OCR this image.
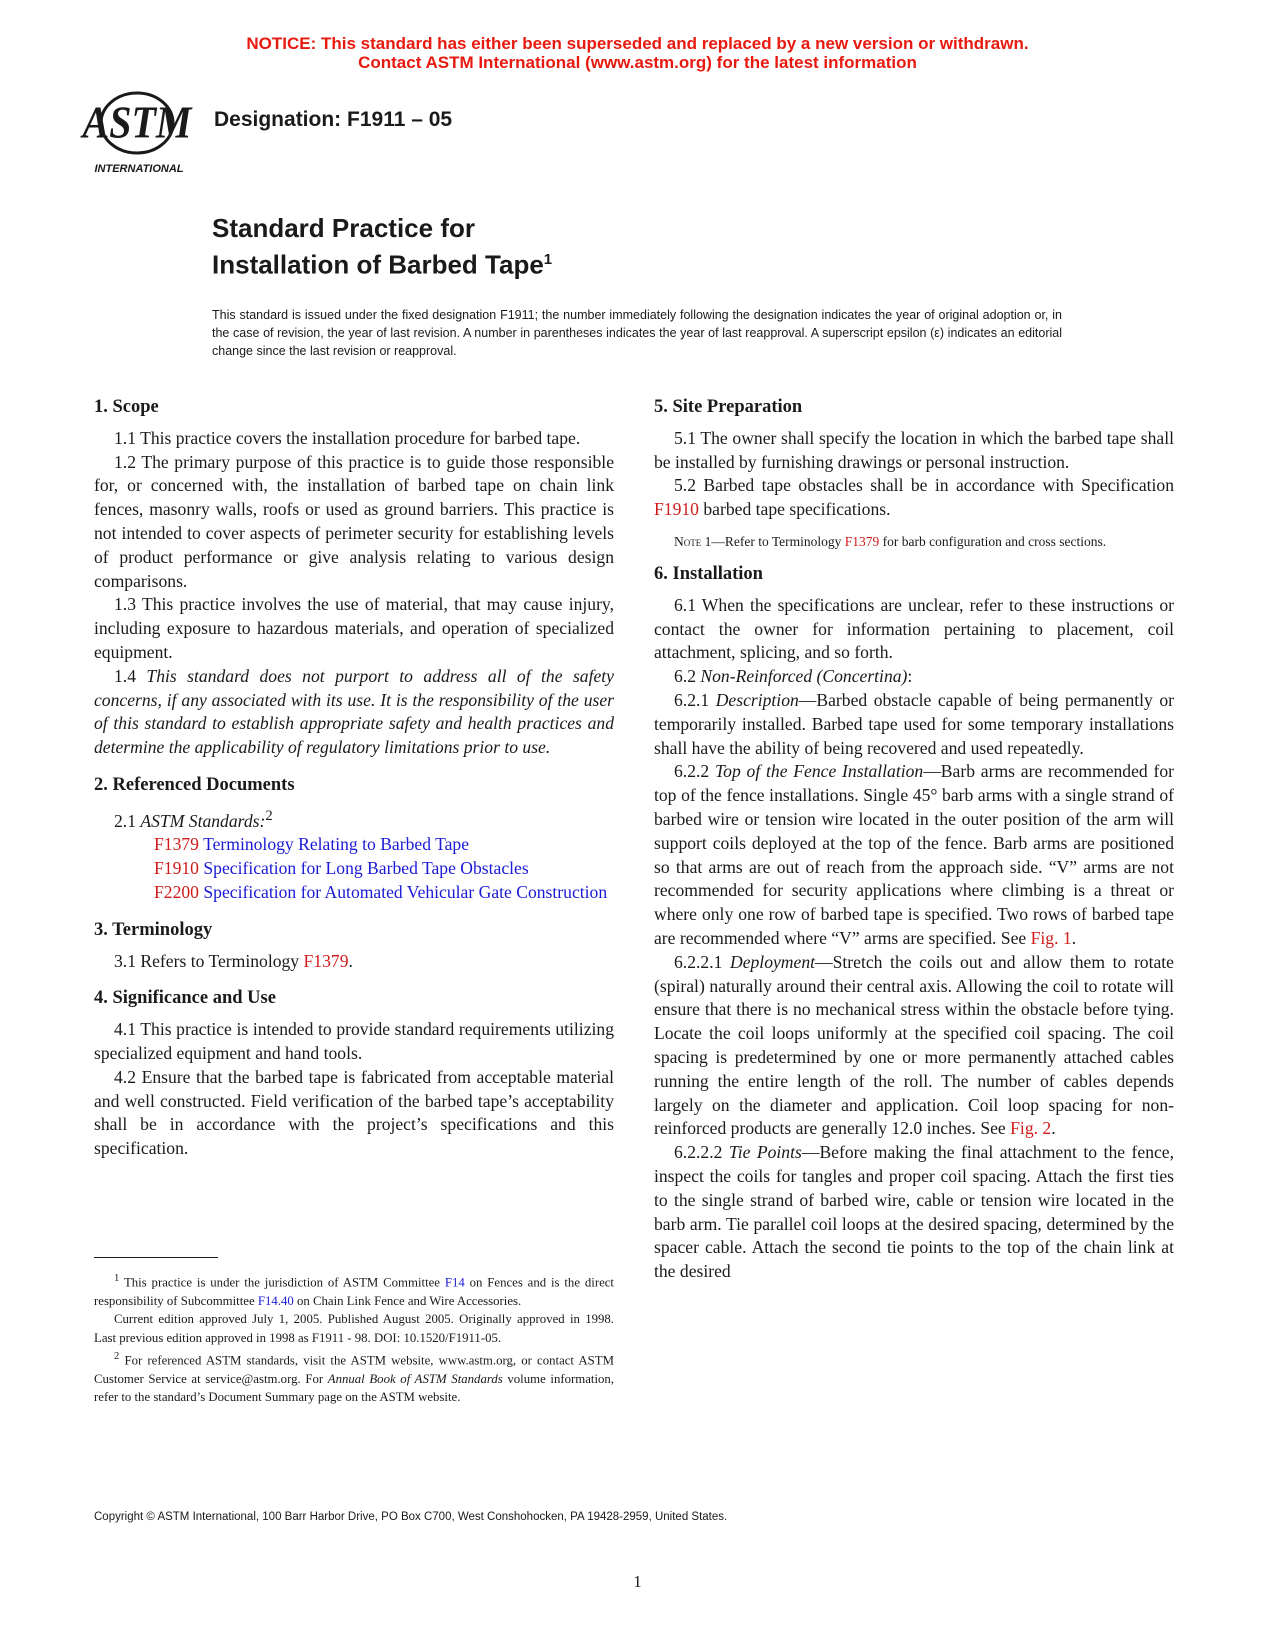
NOTICE: This standard has either been superseded and replaced by a new version or withdrawn.
Contact ASTM International (www.astm.org) for the latest information
ASTM
INTERNATIONAL
Designation: F1911 – 05
Standard Practice for
Installation of Barbed Tape$^1$
This standard is issued under the fixed designation F1911; the number immediately following the designation indicates the year of original adoption or, in the case of revision, the year of last revision. A number in parentheses indicates the year of last reapproval. A superscript epsilon (ε) indicates an editorial change since the last revision or reapproval.
1. Scope

1.1 This practice covers the installation procedure for barbed tape.

1.2 The primary purpose of this practice is to guide those responsible for, or concerned with, the installation of barbed tape on chain link fences, masonry walls, roofs or used as ground barriers. This practice is not intended to cover aspects of perimeter security for establishing levels of product performance or give analysis relating to various design comparisons.

1.3 This practice involves the use of material, that may cause injury, including exposure to hazardous materials, and operation of specialized equipment.

1.4 This standard does not purport to address all of the safety concerns, if any associated with its use. It is the responsibility of the user of this standard to establish appropriate safety and health practices and determine the applicability of regulatory limitations prior to use.

2. Referenced Documents

2.1 ASTM Standards:$^2$

F1379 Terminology Relating to Barbed Tape

F1910 Specification for Long Barbed Tape Obstacles

F2200 Specification for Automated Vehicular Gate Construction

3. Terminology

3.1 Refers to Terminology F1379.

4. Significance and Use

4.1 This practice is intended to provide standard requirements utilizing specialized equipment and hand tools.

4.2 Ensure that the barbed tape is fabricated from acceptable material and well constructed. Field verification of the barbed tape’s acceptability shall be in accordance with the project’s specifications and this specification.

$^1$ This practice is under the jurisdiction of ASTM Committee F14 on Fences and is the direct responsibility of Subcommittee F14.40 on Chain Link Fence and Wire Accessories.

Current edition approved July 1, 2005. Published August 2005. Originally approved in 1998. Last previous edition approved in 1998 as F1911 - 98. DOI: 10.1520/F1911-05.

$^2$ For referenced ASTM standards, visit the ASTM website, www.astm.org, or contact ASTM Customer Service at service@astm.org. For Annual Book of ASTM Standards volume information, refer to the standard’s Document Summary page on the ASTM website.

5. Site Preparation

5.1 The owner shall specify the location in which the barbed tape shall be installed by furnishing drawings or personal instruction.

5.2 Barbed tape obstacles shall be in accordance with Specification F1910 barbed tape specifications.

Note 1—Refer to Terminology F1379 for barb configuration and cross sections.
6. Installation

6.1 When the specifications are unclear, refer to these instructions or contact the owner for information pertaining to placement, coil attachment, splicing, and so forth.

6.2 Non-Reinforced (Concertina):

6.2.1 Description—Barbed obstacle capable of being permanently or temporarily installed. Barbed tape used for some temporary installations shall have the ability of being recovered and used repeatedly.

6.2.2 Top of the Fence Installation—Barb arms are recommended for top of the fence installations. Single 45° barb arms with a single strand of barbed wire or tension wire located in the outer position of the arm will support coils deployed at the top of the fence. Barb arms are positioned so that arms are out of reach from the approach side. “V” arms are not recommended for security applications where climbing is a threat or where only one row of barbed tape is specified. Two rows of barbed tape are recommended where “V” arms are specified. See Fig. 1.

6.2.2.1 Deployment—Stretch the coils out and allow them to rotate (spiral) naturally around their central axis. Allowing the coil to rotate will ensure that there is no mechanical stress within the obstacle before tying. Locate the coil loops uniformly at the specified coil spacing. The coil spacing is predetermined by one or more permanently attached cables running the entire length of the roll. The number of cables depends largely on the diameter and application. Coil loop spacing for non-reinforced products are generally 12.0 inches. See Fig. 2.

6.2.2.2 Tie Points—Before making the final attachment to the fence, inspect the coils for tangles and proper coil spacing. Attach the first ties to the single strand of barbed wire, cable or tension wire located in the barb arm. Tie parallel coil loops at the desired spacing, determined by the spacer cable. Attach the second tie points to the top of the chain link at the desired

Copyright © ASTM International, 100 Barr Harbor Drive, PO Box C700, West Conshohocken, PA 19428-2959, United States.
1
